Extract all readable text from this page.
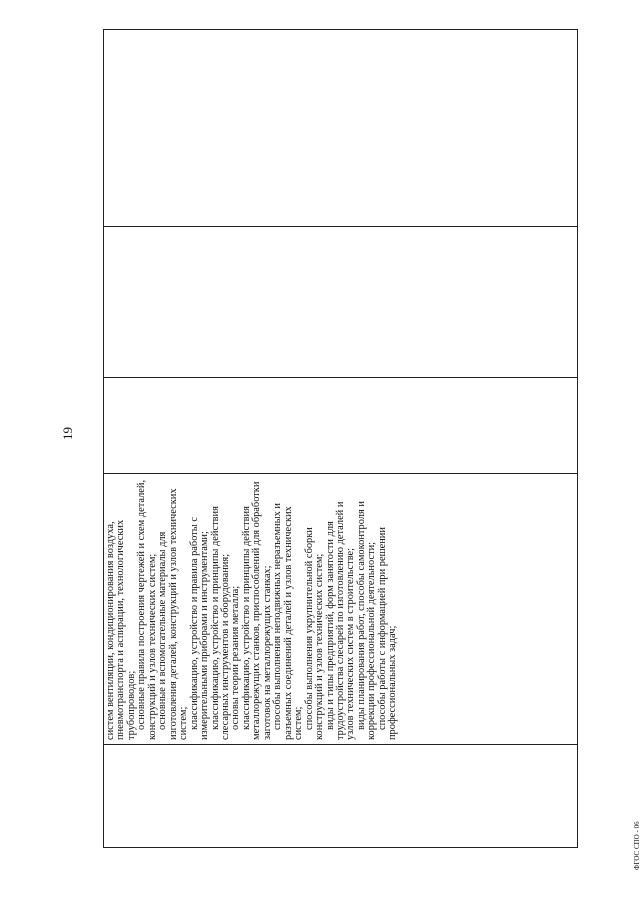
19

систем вентиляции, кондиционирования воздуха, пневмотранспорта и аспирации, технологических трубопроводов; основные правила построения чертежей и схем деталей, конструкций и узлов технических систем; основные и вспомогательные материалы для изготовления деталей, конструкций и узлов технических систем; классификацию, устройство и правила работы с измерительными приборами и инструментами; классификацию, устройство и принципы действия слесарных инструментов и оборудования; основы теории резания металла; классификацию, устройство и принципы действия металлорежущих станков, приспособлений для обработки заготовок на металлорежущих станках; способы выполнения неподвижных неразъемных и разъемных соединений деталей и узлов технических систем; способы выполнения укрупнительной сборки конструкций и узлов технических систем; виды и типы предприятий, форм занятости для трудоустройства слесарей по изготовлению деталей и узлов технических систем в строительстве; виды планирования работ, способы самоконтроля и коррекции профессиональной деятельности; способы работы с информацией при решении профессиональных задач;

ФГОС СПО - 06
